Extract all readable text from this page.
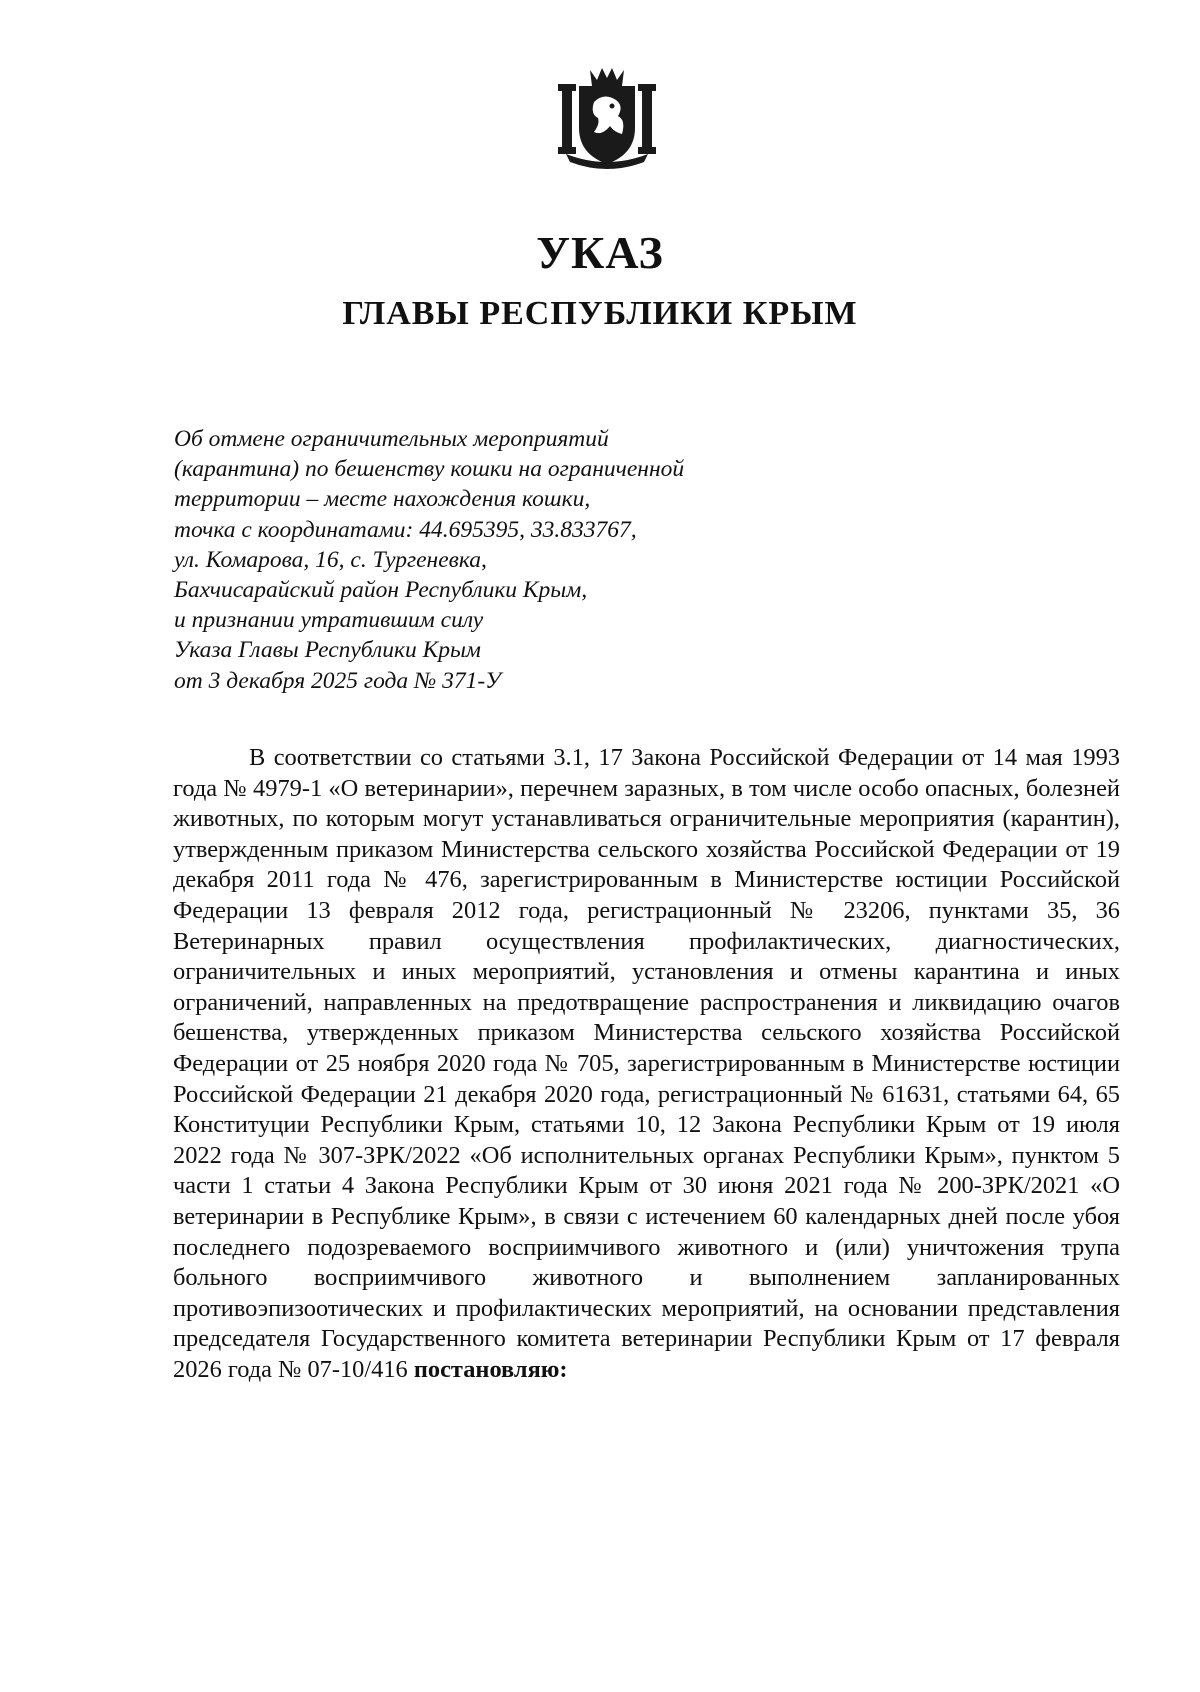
УКАЗ
ГЛАВЫ РЕСПУБЛИКИ КРЫМ
Об отмене ограничительных мероприятий
(карантина) по бешенству кошки на ограниченной
территории – месте нахождения кошки,
точка с координатами: 44.695395, 33.833767,
ул. Комарова, 16, с. Тургеневка,
Бахчисарайский район Республики Крым,
и признании утратившим силу
Указа Главы Республики Крым
от 3 декабря 2025 года № 371-У

В соответствии со статьями 3.1, 17 Закона Российской Федерации от 14 мая 1993 года № 4979-1 «О ветеринарии», перечнем заразных, в том числе особо опасных, болезней животных, по которым могут устанавливаться ограничительные мероприятия (карантин), утвержденным приказом Министерства сельского хозяйства Российской Федерации от 19 декабря 2011 года № 476, зарегистрированным в Министерстве юстиции Российской Федерации 13 февраля 2012 года, регистрационный № 23206, пунктами 35, 36 Ветеринарных правил осуществления профилактических, диагностических, ограничительных и иных мероприятий, установления и отмены карантина и иных ограничений, направленных на предотвращение распространения и ликвидацию очагов бешенства, утвержденных приказом Министерства сельского хозяйства Российской Федерации от 25 ноября 2020 года № 705, зарегистрированным в Министерстве юстиции Российской Федерации 21 декабря 2020 года, регистрационный № 61631, статьями 64, 65 Конституции Республики Крым, статьями 10, 12 Закона Республики Крым от 19 июля 2022 года № 307-ЗРК/2022 «Об исполнительных органах Республики Крым», пунктом 5 части 1 статьи 4 Закона Республики Крым от 30 июня 2021 года № 200-ЗРК/2021 «О ветеринарии в Республике Крым», в связи с истечением 60 календарных дней после убоя последнего подозреваемого восприимчивого животного и (или) уничтожения трупа больного восприимчивого животного и выполнением запланированных противоэпизоотических и профилактических мероприятий, на основании представления председателя Государственного комитета ветеринарии Республики Крым от 17 февраля 2026 года № 07-10/416 постановляю:
